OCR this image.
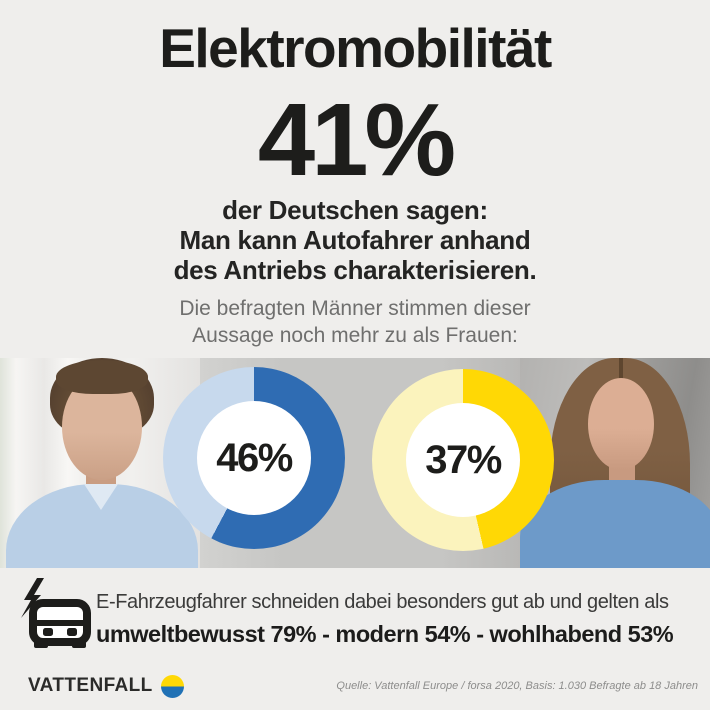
Elektromobilität
41%
der Deutschen sagen:
Man kann Autofahrer anhand
des Antriebs charakterisieren.
Die befragten Männer stimmen dieser
Aussage noch mehr zu als Frauen:
46%	37%
E-Fahrzeugfahrer schneiden dabei besonders gut ab und gelten als
umweltbewusst 79% - modern 54% - wohlhabend 53%
VATTENFALL	Quelle: Vattenfall Europe / forsa 2020, Basis: 1.030 Befragte ab 18 Jahren
